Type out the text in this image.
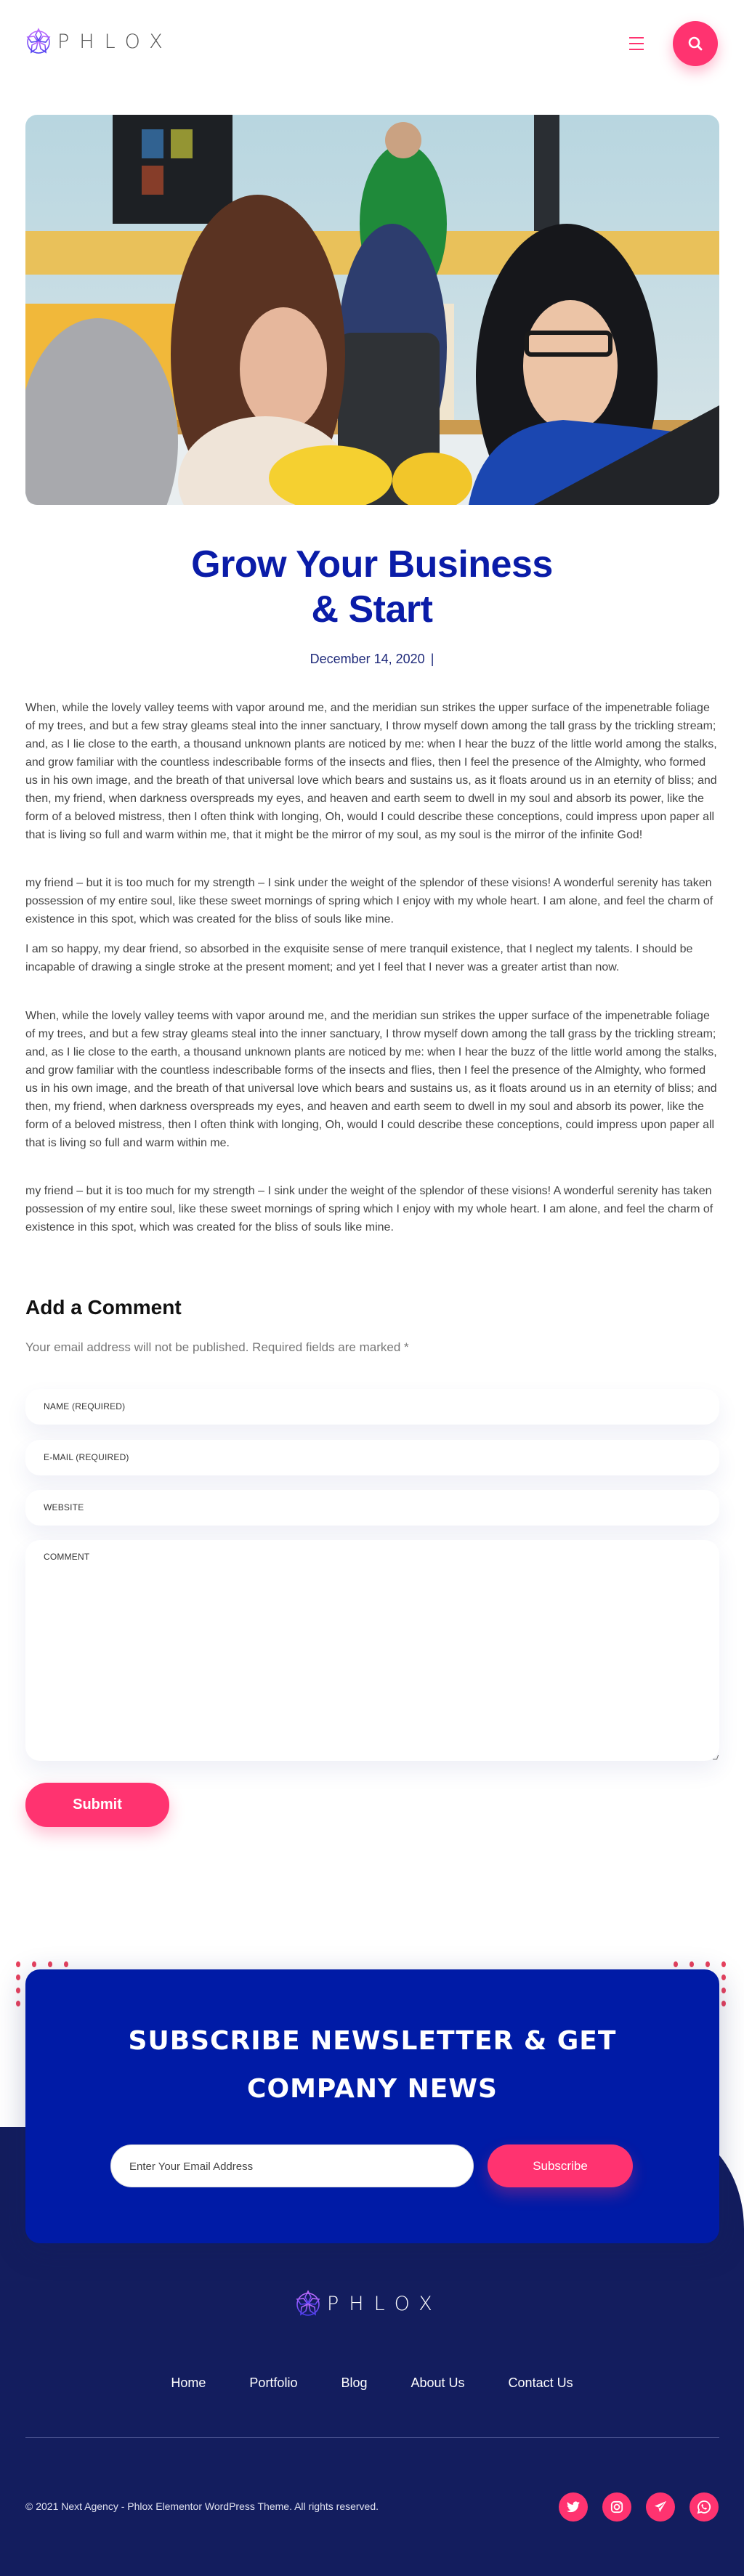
PHLOX
Grow Your Business
& Start
December 14, 2020 |

When, while the lovely valley teems with vapor around me, and the meridian sun strikes the upper surface of the impenetrable foliage of my trees, and but a few stray gleams steal into the inner sanctuary, I throw myself down among the tall grass by the trickling stream; and, as I lie close to the earth, a thousand unknown plants are noticed by me: when I hear the buzz of the little world among the stalks, and grow familiar with the countless indescribable forms of the insects and flies, then I feel the presence of the Almighty, who formed us in his own image, and the breath of that universal love which bears and sustains us, as it floats around us in an eternity of bliss; and then, my friend, when darkness overspreads my eyes, and heaven and earth seem to dwell in my soul and absorb its power, like the form of a beloved mistress, then I often think with longing, Oh, would I could describe these conceptions, could impress upon paper all that is living so full and warm within me, that it might be the mirror of my soul, as my soul is the mirror of the infinite God!

my friend – but it is too much for my strength – I sink under the weight of the splendor of these visions! A wonderful serenity has taken possession of my entire soul, like these sweet mornings of spring which I enjoy with my whole heart. I am alone, and feel the charm of existence in this spot, which was created for the bliss of souls like mine.

I am so happy, my dear friend, so absorbed in the exquisite sense of mere tranquil existence, that I neglect my talents. I should be incapable of drawing a single stroke at the present moment; and yet I feel that I never was a greater artist than now.

When, while the lovely valley teems with vapor around me, and the meridian sun strikes the upper surface of the impenetrable foliage of my trees, and but a few stray gleams steal into the inner sanctuary, I throw myself down among the tall grass by the trickling stream; and, as I lie close to the earth, a thousand unknown plants are noticed by me: when I hear the buzz of the little world among the stalks, and grow familiar with the countless indescribable forms of the insects and flies, then I feel the presence of the Almighty, who formed us in his own image, and the breath of that universal love which bears and sustains us, as it floats around us in an eternity of bliss; and then, my friend, when darkness overspreads my eyes, and heaven and earth seem to dwell in my soul and absorb its power, like the form of a beloved mistress, then I often think with longing, Oh, would I could describe these conceptions, could impress upon paper all that is living so full and warm within me.

my friend – but it is too much for my strength – I sink under the weight of the splendor of these visions! A wonderful serenity has taken possession of my entire soul, like these sweet mornings of spring which I enjoy with my whole heart. I am alone, and feel the charm of existence in this spot, which was created for the bliss of souls like mine.

Add a Comment

Your email address will not be published. Required fields are marked *

NAME (REQUIRED)
E-MAIL (REQUIRED)
WEBSITE
COMMENT
Submit
SUBSCRIBE NEWSLETTER & GET
COMPANY NEWS
Enter Your Email Address	Subscribe
PHLOX
Home	Portfolio	Blog	About Us	Contact Us

© 2021 Next Agency - Phlox Elementor WordPress Theme. All rights reserved.
